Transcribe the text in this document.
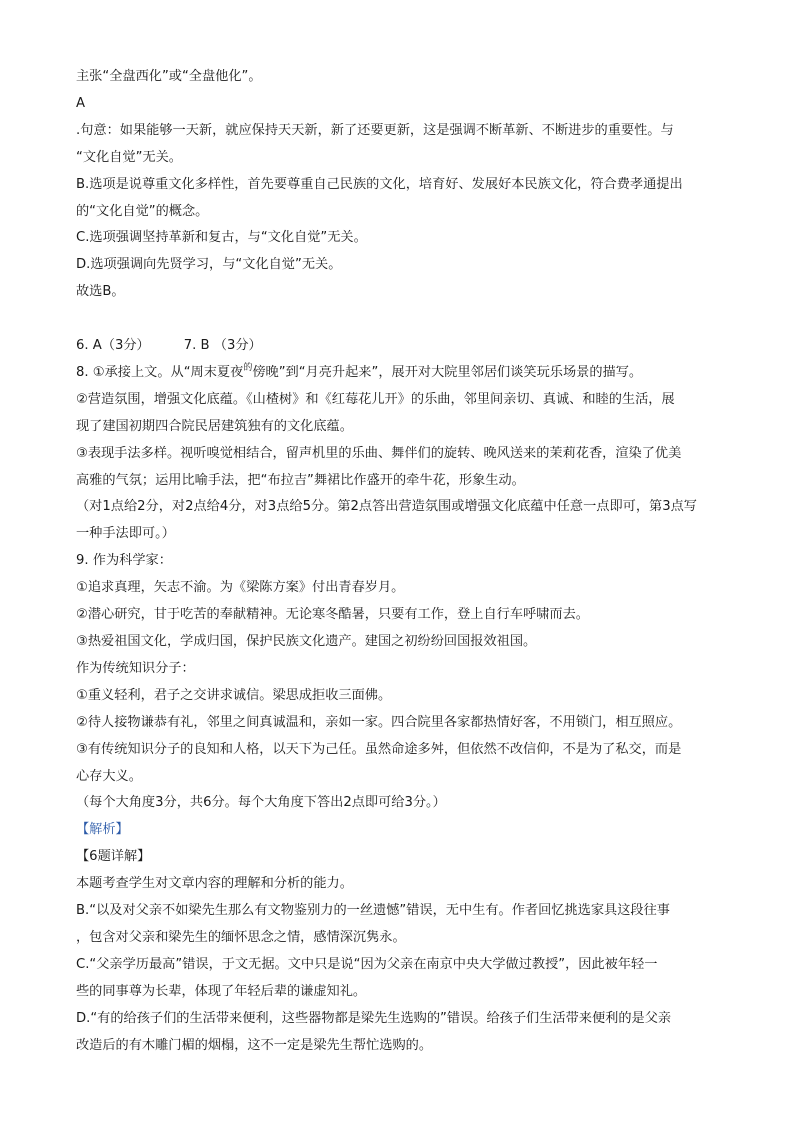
主张“全盘西化”或“全盘他化”。
A
.句意：如果能够一天新，就应保持天天新，新了还要更新，这是强调不断革新、不断进步的重要性。与
“文化自觉”无关。
B.选项是说尊重文化多样性，首先要尊重自己民族的文化，培育好、发展好本民族文化，符合费孝通提出
的“文化自觉”的概念。
C.选项强调坚持革新和复古，与“文化自觉”无关。
D.选项强调向先贤学习，与“文化自觉”无关。
故选B。
6. A（3分）	7. B （3分）
8. ①承接上文。从“周末夏夜$^的$傍晚”到“月亮升起来”，展开对大院里邻居们谈笑玩乐场景的描写。
②营造氛围，增强文化底蕴。《山楂树》和《红莓花儿开》的乐曲，邻里间亲切、真诚、和睦的生活，展
现了建国初期四合院民居建筑独有的文化底蕴。
③表现手法多样。视听嗅觉相结合，留声机里的乐曲、舞伴们的旋转、晚风送来的茉莉花香，渲染了优美
高雅的气氛；运用比喻手法，把“布拉吉”舞裙比作盛开的牵牛花，形象生动。
（对1点给2分，对2点给4分，对3点给5分。第2点答出营造氛围或增强文化底蕴中任意一点即可，第3点写
一种手法即可。）
9. 作为科学家：
①追求真理，矢志不渝。为《梁陈方案》付出青春岁月。
②潜心研究，甘于吃苦的奉献精神。无论寒冬酷暑，只要有工作，登上自行车呼啸而去。
③热爱祖国文化，学成归国，保护民族文化遗产。建国之初纷纷回国报效祖国。
作为传统知识分子：
①重义轻利，君子之交讲求诚信。梁思成拒收三面佛。
②待人接物谦恭有礼，邻里之间真诚温和，亲如一家。四合院里各家都热情好客，不用锁门，相互照应。
③有传统知识分子的良知和人格，以天下为己任。虽然命途多舛，但依然不改信仰，不是为了私交，而是
心存大义。
（每个大角度3分，共6分。每个大角度下答出2点即可给3分。）
【解析】
【6题详解】
本题考查学生对文章内容的理解和分析的能力。
B.“以及对父亲不如梁先生那么有文物鉴别力的一丝遗憾”错误，无中生有。作者回忆挑选家具这段往事
，包含对父亲和梁先生的缅怀思念之情，感情深沉隽永。
C.“父亲学历最高”错误，于文无据。文中只是说“因为父亲在南京中央大学做过教授”，因此被年轻一
些的同事尊为长辈，体现了年轻后辈的谦虚知礼。
D.“有的给孩子们的生活带来便利，这些器物都是梁先生选购的”错误。给孩子们生活带来便利的是父亲
改造后的有木雕门楣的烟榻，这不一定是梁先生帮忙选购的。
